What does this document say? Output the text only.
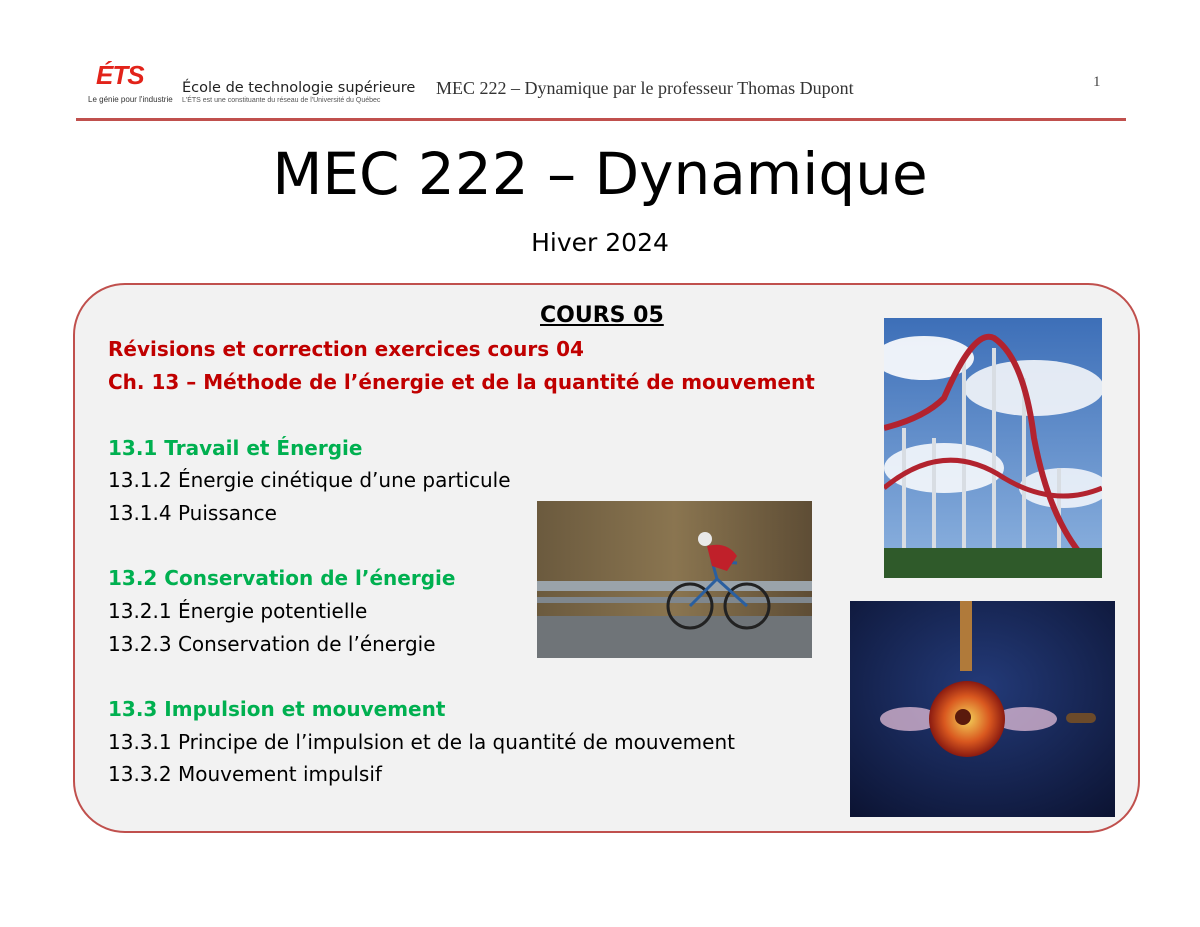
ÉTS
Le génie pour l'industrie
École de technologie supérieure
L'ÉTS est une constituante du réseau de l'Université du Québec
MEC 222 – Dynamique par le professeur Thomas Dupont	1
MEC 222 – Dynamique
Hiver 2024
COURS 05
Révisions et correction exercices cours 04
Ch. 13 – Méthode de l’énergie et de la quantité de mouvement
13.1 Travail et Énergie
13.1.2 Énergie cinétique d’une particule
13.1.4 Puissance
13.2 Conservation de l’énergie
13.2.1 Énergie potentielle
13.2.3 Conservation de l’énergie
13.3 Impulsion et mouvement
13.3.1 Principe de l’impulsion et de la quantité de mouvement
13.3.2 Mouvement impulsif
